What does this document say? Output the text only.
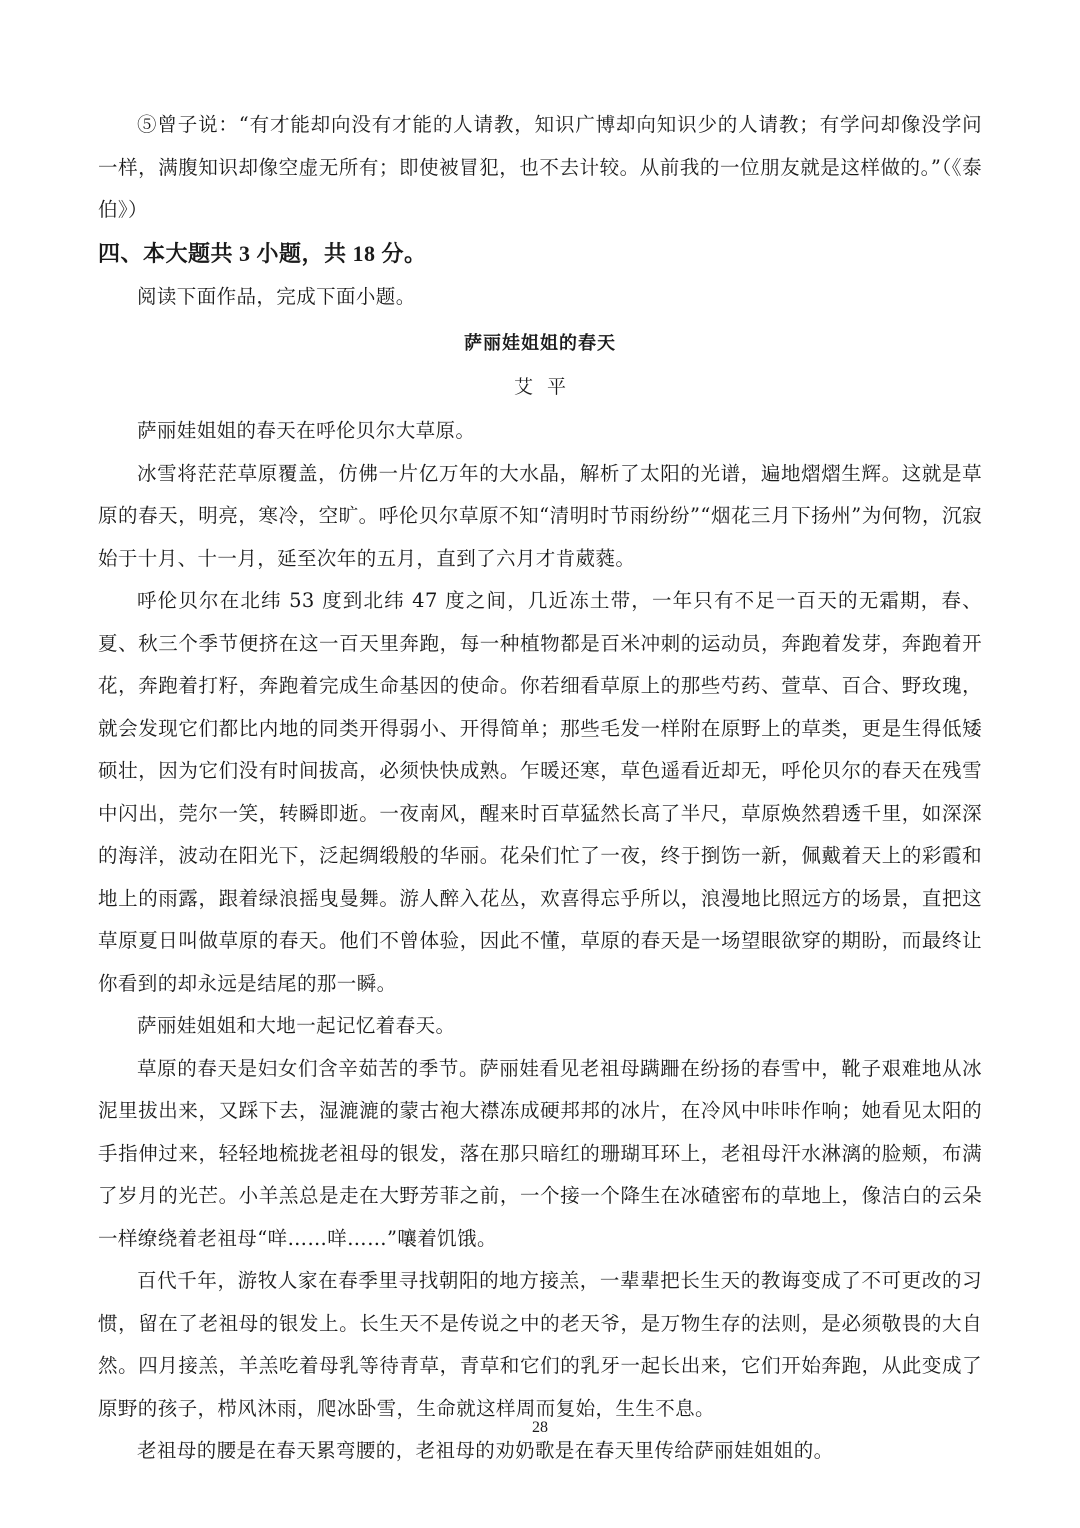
⑤曾子说：“有才能却向没有才能的人请教，知识广博却向知识少的人请教；有学问却像没学问一样，满腹知识却像空虚无所有；即使被冒犯，也不去计较。从前我的一位朋友就是这样做的。”（《泰伯》）

四、本大题共 3 小题，共 18 分。

阅读下面作品，完成下面小题。

萨丽娃姐姐的春天
艾平

萨丽娃姐姐的春天在呼伦贝尔大草原。

冰雪将茫茫草原覆盖，仿佛一片亿万年的大水晶，解析了太阳的光谱，遍地熠熠生辉。这就是草原的春天，明亮，寒冷，空旷。呼伦贝尔草原不知“清明时节雨纷纷”“烟花三月下扬州”为何物，沉寂始于十月、十一月，延至次年的五月，直到了六月才肯葳蕤。

呼伦贝尔在北纬 53 度到北纬 47 度之间，几近冻土带，一年只有不足一百天的无霜期，春、夏、秋三个季节便挤在这一百天里奔跑，每一种植物都是百米冲刺的运动员，奔跑着发芽，奔跑着开花，奔跑着打籽，奔跑着完成生命基因的使命。你若细看草原上的那些芍药、萱草、百合、野玫瑰，就会发现它们都比内地的同类开得弱小、开得简单；那些毛发一样附在原野上的草类，更是生得低矮硕壮，因为它们没有时间拔高，必须快快成熟。乍暖还寒，草色遥看近却无，呼伦贝尔的春天在残雪中闪出，莞尔一笑，转瞬即逝。一夜南风，醒来时百草猛然长高了半尺，草原焕然碧透千里，如深深的海洋，波动在阳光下，泛起绸缎般的华丽。花朵们忙了一夜，终于捯饬一新，佩戴着天上的彩霞和地上的雨露，跟着绿浪摇曳曼舞。游人醉入花丛，欢喜得忘乎所以，浪漫地比照远方的场景，直把这草原夏日叫做草原的春天。他们不曾体验，因此不懂，草原的春天是一场望眼欲穿的期盼，而最终让你看到的却永远是结尾的那一瞬。

萨丽娃姐姐和大地一起记忆着春天。

草原的春天是妇女们含辛茹苦的季节。萨丽娃看见老祖母蹒跚在纷扬的春雪中，靴子艰难地从冰泥里拔出来，又踩下去，湿漉漉的蒙古袍大襟冻成硬邦邦的冰片，在冷风中咔咔作响；她看见太阳的手指伸过来，轻轻地梳拢老祖母的银发，落在那只暗红的珊瑚耳环上，老祖母汗水淋漓的脸颊，布满了岁月的光芒。小羊羔总是走在大野芳菲之前，一个接一个降生在冰碴密布的草地上，像洁白的云朵一样缭绕着老祖母“咩……咩……”嚷着饥饿。

百代千年，游牧人家在春季里寻找朝阳的地方接羔，一辈辈把长生天的教诲变成了不可更改的习惯，留在了老祖母的银发上。长生天不是传说之中的老天爷，是万物生存的法则，是必须敬畏的大自然。四月接羔，羊羔吃着母乳等待青草，青草和它们的乳牙一起长出来，它们开始奔跑，从此变成了原野的孩子，栉风沐雨，爬冰卧雪，生命就这样周而复始，生生不息。

老祖母的腰是在春天累弯腰的，老祖母的劝奶歌是在春天里传给萨丽娃姐姐的。

28
